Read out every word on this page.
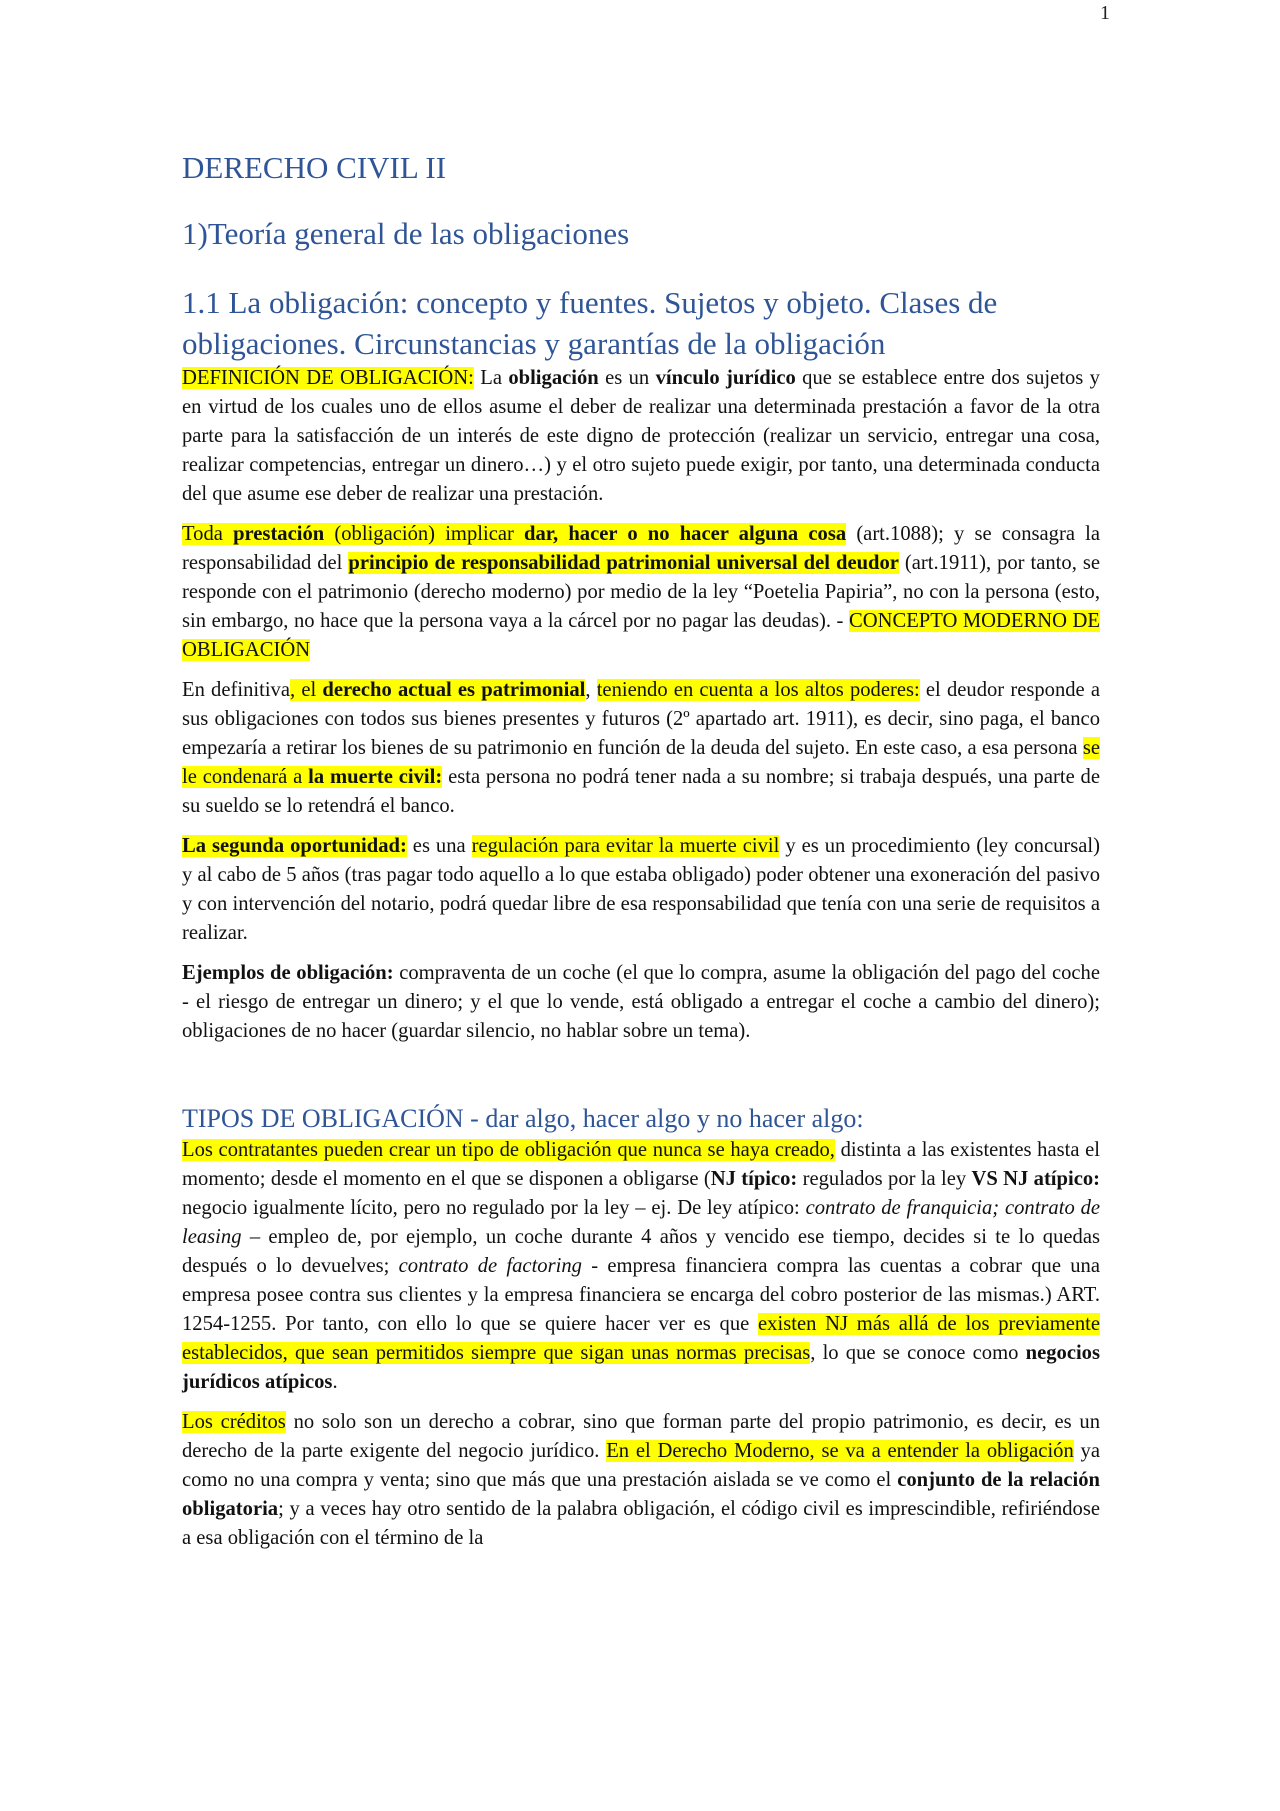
1
DERECHO CIVIL II
1)Teoría general de las obligaciones
1.1 La obligación: concepto y fuentes. Sujetos y objeto. Clases de obligaciones. Circunstancias y garantías de la obligación

DEFINICIÓN DE OBLIGACIÓN: La obligación es un vínculo jurídico que se establece entre dos sujetos y en virtud de los cuales uno de ellos asume el deber de realizar una determinada prestación a favor de la otra parte para la satisfacción de un interés de este digno de protección (realizar un servicio, entregar una cosa, realizar competencias, entregar un dinero…) y el otro sujeto puede exigir, por tanto, una determinada conducta del que asume ese deber de realizar una prestación.

Toda prestación (obligación) implicar dar, hacer o no hacer alguna cosa (art.1088); y se consagra la responsabilidad del principio de responsabilidad patrimonial universal del deudor (art.1911), por tanto, se responde con el patrimonio (derecho moderno) por medio de la ley “Poetelia Papiria”, no con la persona (esto, sin embargo, no hace que la persona vaya a la cárcel por no pagar las deudas). - CONCEPTO MODERNO DE OBLIGACIÓN

En definitiva, el derecho actual es patrimonial, teniendo en cuenta a los altos poderes: el deudor responde a sus obligaciones con todos sus bienes presentes y futuros (2º apartado art. 1911), es decir, sino paga, el banco empezaría a retirar los bienes de su patrimonio en función de la deuda del sujeto. En este caso, a esa persona se le condenará a la muerte civil: esta persona no podrá tener nada a su nombre; si trabaja después, una parte de su sueldo se lo retendrá el banco.

La segunda oportunidad: es una regulación para evitar la muerte civil y es un procedimiento (ley concursal) y al cabo de 5 años (tras pagar todo aquello a lo que estaba obligado) poder obtener una exoneración del pasivo y con intervención del notario, podrá quedar libre de esa responsabilidad que tenía con una serie de requisitos a realizar.

Ejemplos de obligación: compraventa de un coche (el que lo compra, asume la obligación del pago del coche - el riesgo de entregar un dinero; y el que lo vende, está obligado a entregar el coche a cambio del dinero); obligaciones de no hacer (guardar silencio, no hablar sobre un tema).

TIPOS DE OBLIGACIÓN - dar algo, hacer algo y no hacer algo:

Los contratantes pueden crear un tipo de obligación que nunca se haya creado, distinta a las existentes hasta el momento; desde el momento en el que se disponen a obligarse (NJ típico: regulados por la ley VS NJ atípico: negocio igualmente lícito, pero no regulado por la ley – ej. De ley atípico: contrato de franquicia; contrato de leasing – empleo de, por ejemplo, un coche durante 4 años y vencido ese tiempo, decides si te lo quedas después o lo devuelves; contrato de factoring - empresa financiera compra las cuentas a cobrar que una empresa posee contra sus clientes y la empresa financiera se encarga del cobro posterior de las mismas.) ART. 1254-1255. Por tanto, con ello lo que se quiere hacer ver es que existen NJ más allá de los previamente establecidos, que sean permitidos siempre que sigan unas normas precisas, lo que se conoce como negocios jurídicos atípicos.

Los créditos no solo son un derecho a cobrar, sino que forman parte del propio patrimonio, es decir, es un derecho de la parte exigente del negocio jurídico. En el Derecho Moderno, se va a entender la obligación ya como no una compra y venta; sino que más que una prestación aislada se ve como el conjunto de la relación obligatoria; y a veces hay otro sentido de la palabra obligación, el código civil es imprescindible, refiriéndose a esa obligación con el término de la
